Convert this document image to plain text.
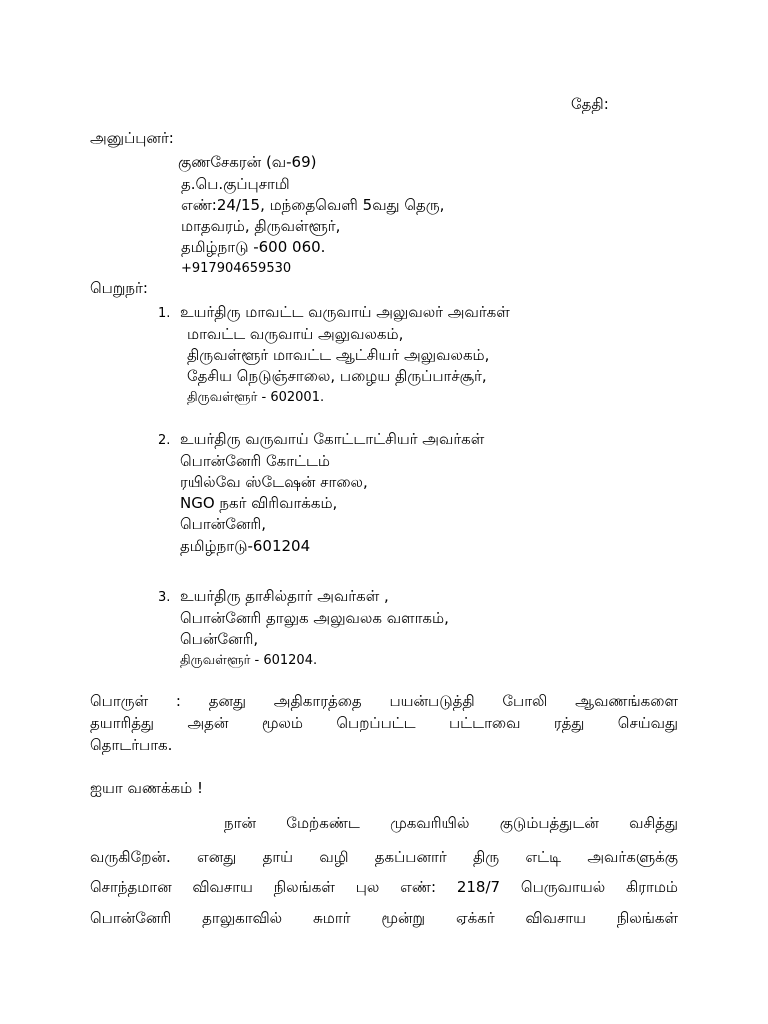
தேதி:
அனுப்புனர்:
குணசேகரன் (வ-69)
த.பெ.குப்புசாமி
எண்:24/15, மந்தைவெளி 5வது தெரு,
மாதவரம், திருவள்ளூர்,
தமிழ்நாடு -600 060.
+917904659530
பெறுநர்:
1. உயர்திரு மாவட்ட வருவாய் அலுவலர் அவர்கள்
மாவட்ட வருவாய் அலுவலகம்,
திருவள்ளூர் மாவட்ட ஆட்சியர் அலுவலகம்,
தேசிய நெடுஞ்சாலை, பழைய திருப்பாச்சூர்,
திருவள்ளூர் - 602001.
2. உயர்திரு வருவாய் கோட்டாட்சியர் அவர்கள்
பொன்னேரி கோட்டம்
ரயில்வே ஸ்டேஷன் சாலை,
NGO நகர் விரிவாக்கம்,
பொன்னேரி,
தமிழ்நாடு-601204
3. உயர்திரு தாசில்தார் அவர்கள் ,
பொன்னேரி தாலுக அலுவலக வளாகம்,
பென்னேரி,
திருவள்ளூர் - 601204.
பொருள் : தனது அதிகாரத்தை பயன்படுத்தி போலி ஆவணங்களை
தயாரித்து அதன் மூலம் பெறப்பட்ட பட்டாவை ரத்து செய்வது
தொடர்பாக.
ஐயா வணக்கம் !
நான் மேற்கண்ட முகவரியில் குடும்பத்துடன் வசித்து
வருகிறேன். எனது தாய் வழி தகப்பனார் திரு எட்டி அவர்களுக்கு
சொந்தமான விவசாய நிலங்கள் புல எண்: 218/7 பெருவாயல் கிராமம்
பொன்னேரி தாலுகாவில் சுமார் மூன்று ஏக்கர் விவசாய நிலங்கள்
